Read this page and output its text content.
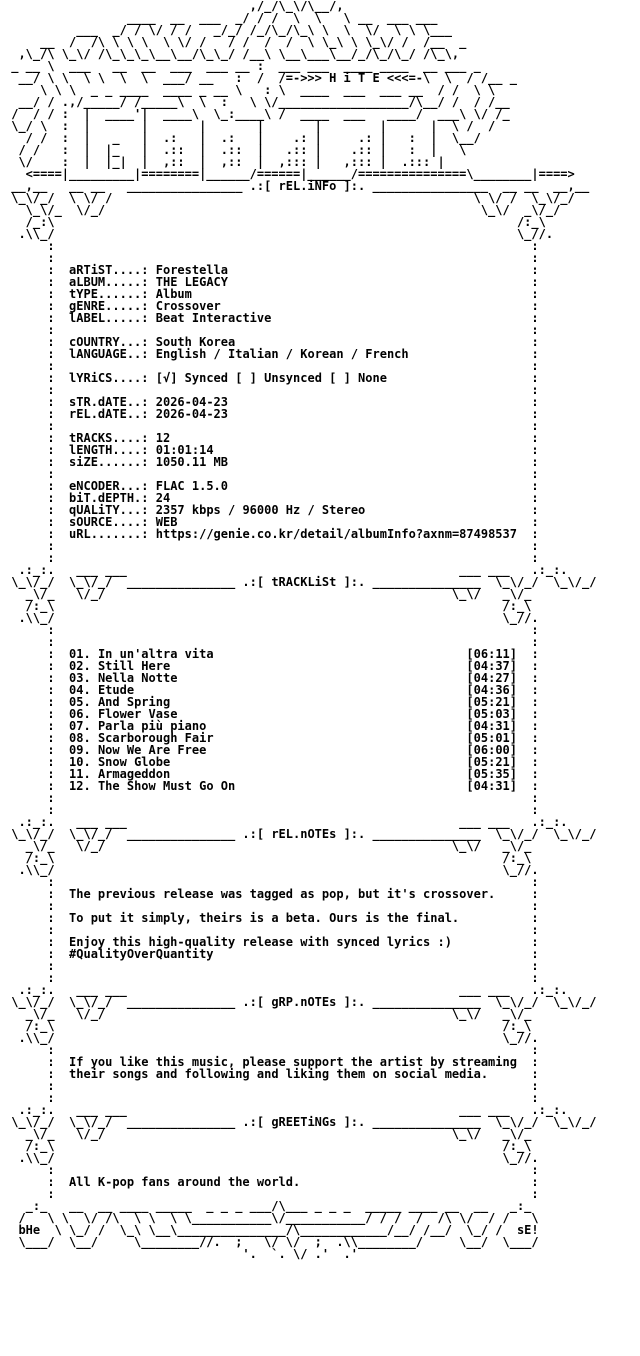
,/_/\_\/\__/,
____  __  ___  _/ / /  \  \   \ __  ___ ___
___  _/ / \/ / /   _/_/ /_/\_/\_\ \  \  \/  \ \ \___
__  /  /\ \ \ \  \ \/ /   / /  /  /  \ \_\ \ \_\/ /  /__  _
,\_/\ \_\/ /\_\_\_\__\__/\_\_/ /__\ \__\___\__/_/\_/\_/ /\_\,
_ __ \  ___   __  __  ___  ___ __ :  ___ ___  ____ ____  __ ___ _
__/ \ \  \ \  \  \  ___/ __   :  /  /=->>> H i T E <<<=-\  \  / /__ _
\ \ \  _ _ ____  ____ _ __ \   : \  ____  ___  ___ __  / /  \ \
__/ / .,/_____/ /_____\  \  :   \ \/__________________/\__/ /  / /__
/  / / :  |  ____'|  ____\  \_:____\ /  ____  ___   ____/  ___\ \/ /_
\_/ \  :  |       |       |       |       |        |      |  \ /  /
/ /  :  |   _   |  .:   |  .:   |    .: |     .: |   :  |  \__/
/ /   :  |  |_   |  .::  |  .::  |   .:: |    .:: |   :  |   \
\/    :  |  |_|  |  ,::  |  ,::  |  ,::: |   ,::: |  .::: |
<====|_________|========|______/======|______/===============\________|====>
__,__   __ __   ________________ .:[ rEL.iNFo ]:. ________________  __ __  __,__
\_\/_/  \ \/ /                                                  \ \/ /  \_\/_/
\_\/_  \/_/                                                    \_\/  _\/_/
/_:\                                                                /:_\
.\\_/                                                                \_//.
:                                                                  :
:                                                                  :
:  aRTiST....: Forestella                                          :
:  aLBUM.....: THE LEGACY                                          :
:  tYPE......: Album                                               :
:  gENRE.....: Crossover                                           :
:  lABEL.....: Beat Interactive                                    :
:                                                                  :
:  cOUNTRY...: South Korea                                         :
:  lANGUAGE..: English / Italian / Korean / French                 :
:                                                                  :
:  lYRiCS....: [√] Synced [ ] Unsynced [ ] None                    :
:                                                                  :
:  sTR.dATE..: 2026-04-23                                          :
:  rEL.dATE..: 2026-04-23                                          :
:                                                                  :
:  tRACKS....: 12                                                  :
:  lENGTH....: 01:01:14                                            :
:  siZE......: 1050.11 MB                                          :
:                                                                  :
:  eNCODER...: FLAC 1.5.0                                          :
:  biT.dEPTH.: 24                                                  :
:  qUALiTY...: 2357 kbps / 96000 Hz / Stereo                       :
:  sOURCE....: WEB                                                 :
:  uRL.......: https://genie.co.kr/detail/albumInfo?axnm=87498537  :
:                                                                  :
:                                                                  :
.:_:.   ___ ___                                              ___ ___   .:_:.
\_\/_/  \_\/_/  _______________ .:[ tRACKLiSt ]:. _______________  \_\/_/  \_\/_/
_\/_   \/_/                                                \_\/   _\/_
/:_\                                                              /:_\
.\\_/                                                              \_//.
:                                                                  :
:                                                                  :
:  01. In un'altra vita	[06:11]  :
:  02. Still Here	[04:37]  :
:  03. Nella Notte	[04:27]  :
:  04. Etude	[04:36]  :
:  05. And Spring	[05:21]  :
:  06. Flower Vase	[05:03]  :
:  07. Parla più piano	[04:31]  :
:  08. Scarborough Fair	[05:01]  :
:  09. Now We Are Free	[06:00]  :
:  10. Snow Globe	[05:21]  :
:  11. Armageddon	[05:35]  :
:  12. The Show Must Go On	[04:31]  :
:                                                                  :
:                                                                  :
.:_:.   ___ ___                                              ___ ___   .:_:.
\_\/_/  \_\/_/  _______________ .:[ rEL.nOTEs ]:. _______________  \_\/_/  \_\/_/
_\/_   \/_/                                                \_\/   _\/_
/:_\                                                              /:_\
.\\_/                                                              \_//.
:                                                                  :
:  The previous release was tagged as pop, but it's crossover.     :
:                                                                  :
:  To put it simply, theirs is a beta. Ours is the final.          :
:                                                                  :
:  Enjoy this high-quality release with synced lyrics :)           :
:  #QualityOverQuantity                                            :
:                                                                  :
:                                                                  :
.:_:.   ___ ___                                              ___ ___   .:_:.
\_\/_/  \_\/_/  _______________ .:[ gRP.nOTEs ]:. _______________  \_\/_/  \_\/_/
_\/_   \/_/                                                \_\/   _\/_
/:_\                                                              /:_\
.\\_/                                                              \_//.
:                                                                  :
:  If you like this music, please support the artist by streaming  :
:  their songs and following and liking them on social media.      :
:                                                                  :
:                                                                  :
.:_:.   ___ ___                                              ___ ___   .:_:.
\_\/_/  \_\/_/  _______________ .:[ gREETiNGs ]:. _______________  \_\/_/  \_\/_/
_\/_   \/_/                                                \_\/   _\/_
/:_\                                                              /:_\
.\\_/                                                              \_//.
:                                                                  :
:  All K-pop fans around the world.                                :
:                                                                  :
_:_   __  __ ____ _____  _ _ _ ___/\___ _ _ _  _____ ____ __  __   _:_
/   \ \  \/ /\  \ \  \ \___________\/___________/ / /  /  /\ \/  / /   \
bHe  \ \_/ /  \_\ \__\_______________/\____________/__/ /__/  \_/ /  sE!
\___/  \__/     \________//.  ;   \/ \/  ;  .\\________/     \__/  \___/
'.  `. \/ .'  .'
